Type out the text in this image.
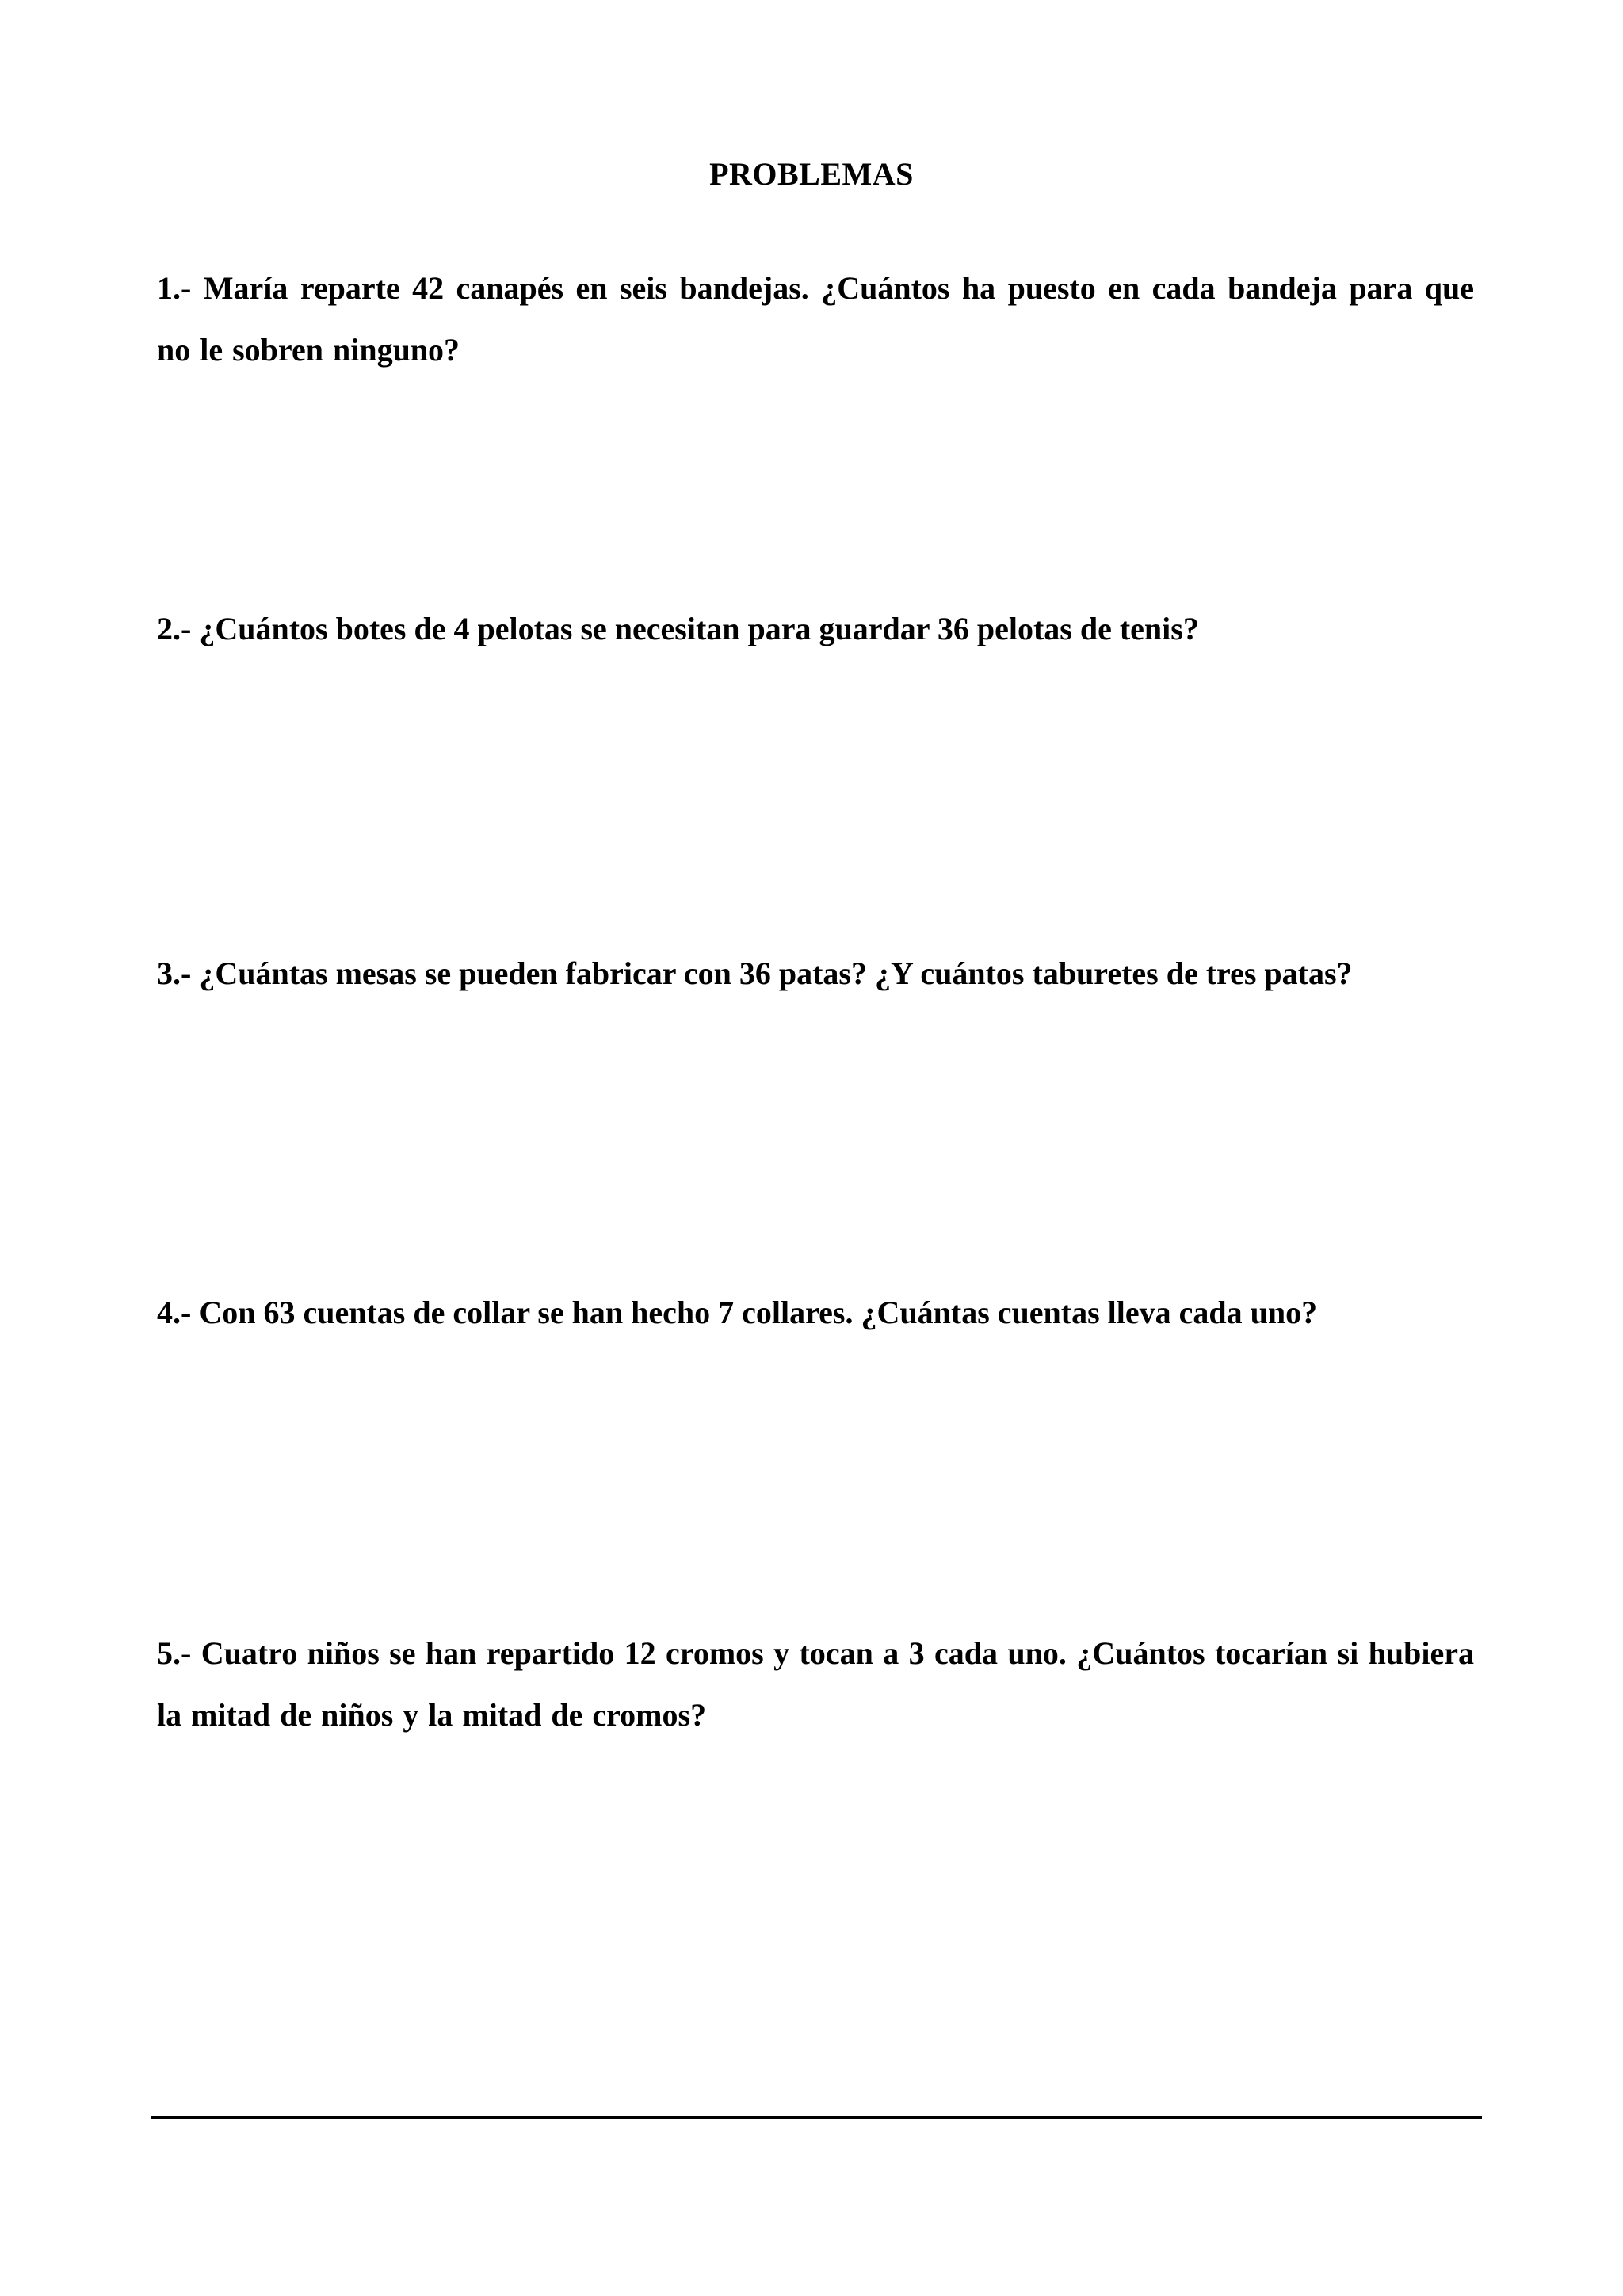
PROBLEMAS
1.- María reparte 42 canapés en seis bandejas. ¿Cuántos ha puesto en cada bandeja para que no le sobren ninguno?
2.- ¿Cuántos botes de 4 pelotas se necesitan para guardar 36 pelotas de tenis?
3.- ¿Cuántas mesas se pueden fabricar con 36 patas? ¿Y cuántos taburetes de tres patas?
4.- Con 63 cuentas de collar se han hecho 7 collares. ¿Cuántas cuentas lleva cada uno?
5.- Cuatro niños se han repartido 12 cromos y tocan a 3 cada uno. ¿Cuántos tocarían si hubiera la mitad de niños y la mitad de cromos?
